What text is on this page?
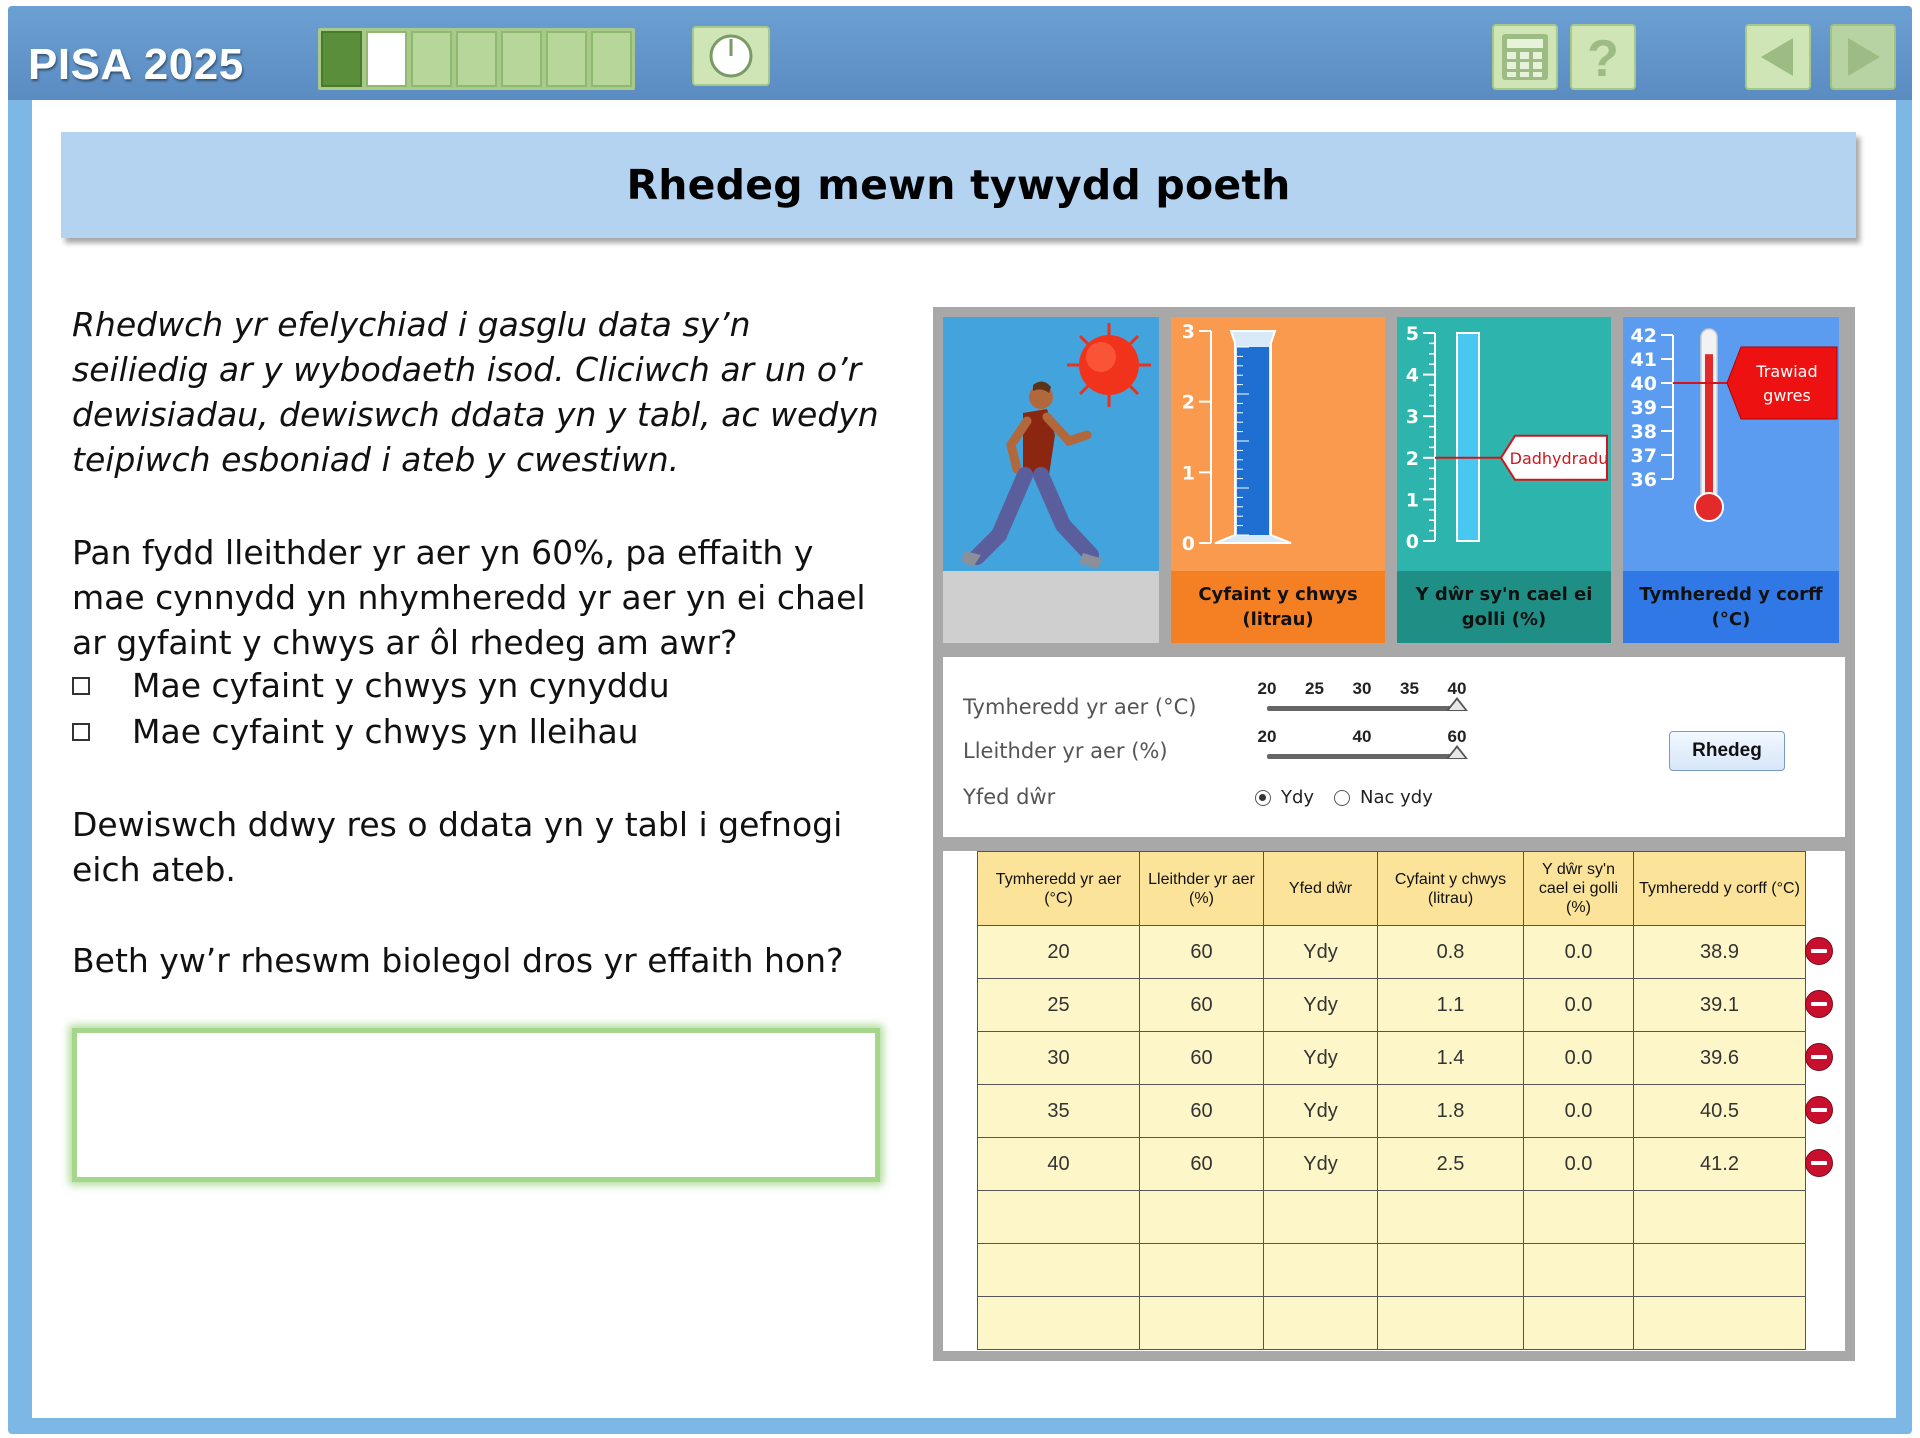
PISA 2025	?
Rhedeg mewn tywydd poeth
Rhedwch yr efelychiad i gasglu data sy’n seiliedig ar y wybodaeth isod. Cliciwch ar un o’r dewisiadau, dewiswch ddata yn y tabl, ac wedyn teipiwch esboniad i ateb y cwestiwn.
Pan fydd lleithder yr aer yn 60%, pa effaith y mae cynnydd yn nhymheredd yr aer yn ei chael ar gyfaint y chwys ar ôl rhedeg am awr?
Mae cyfaint y chwys yn cynyddu
Mae cyfaint y chwys yn lleihau
Dewiswch ddwy res o ddata yn y tabl i gefnogi eich ateb.
Beth yw’r rheswm biolegol dros yr effaith hon?
0
1
2
3
Cyfaint y chwys (litrau)
0
1
2
3
4
5
Dadhydradu
Y dŵr sy'n cael ei golli (%)
36
37
38
39
40
41
42
Trawiad
gwres
Tymheredd y corff (°C)
Tymheredd yr aer (°C)
20 25 30 35 40
Lleithder yr aer (%)
20	40	60
Yfed dŵr	Ydy	Nac ydy
Rhedeg
Tymheredd yr aer (°C)	Lleithder yr aer (%)	Yfed dŵr	Cyfaint y chwys (litrau)	Y dŵr sy'n cael ei golli (%)	Tymheredd y corff (°C)
20	60	Ydy	0.8	0.0	38.9
25	60	Ydy	1.1	0.0	39.1
30	60	Ydy	1.4	0.0	39.6
35	60	Ydy	1.8	0.0	40.5
40	60	Ydy	2.5	0.0	41.2
